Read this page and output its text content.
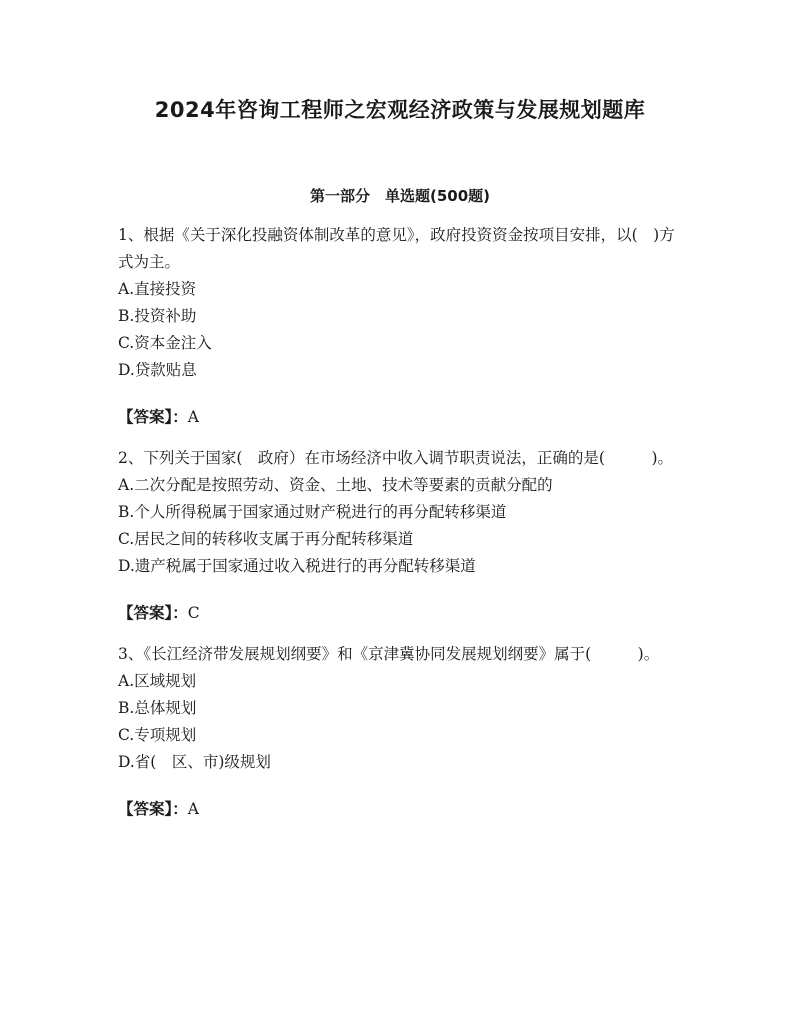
2024年咨询工程师之宏观经济政策与发展规划题库
第一部分　单选题(500题)

1、根据《关于深化投融资体制改革的意见》，政府投资资金按项目安排，以(　)方式为主。

A.直接投资
B.投资补助
C.资本金注入
D.贷款贴息
【答案】：A

2、下列关于国家(　政府）在市场经济中收入调节职责说法，正确的是(　　　)。

A.二次分配是按照劳动、资金、土地、技术等要素的贡献分配的
B.个人所得税属于国家通过财产税进行的再分配转移渠道
C.居民之间的转移收支属于再分配转移渠道
D.遗产税属于国家通过收入税进行的再分配转移渠道
【答案】：C

3、《长江经济带发展规划纲要》和《京津冀协同发展规划纲要》属于(　　　)。

A.区域规划
B.总体规划
C.专项规划
D.省(　区、市)级规划
【答案】：A
